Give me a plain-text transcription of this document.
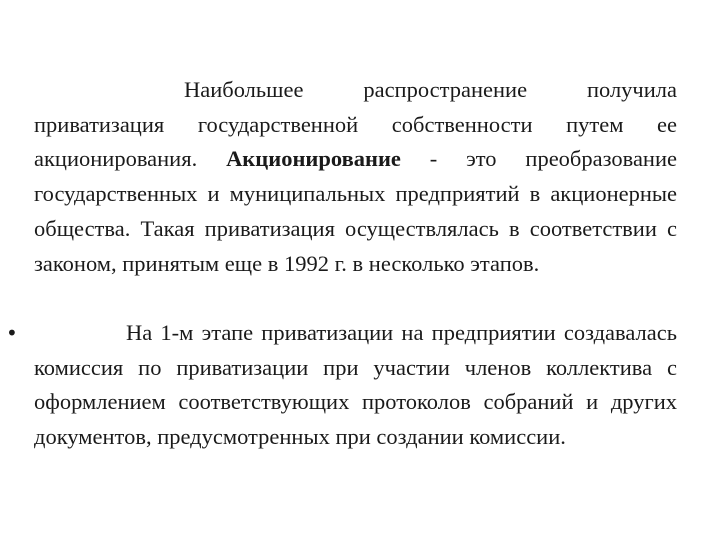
Наибольшее распространение получила приватизация государственной собственности путем ее акционирования. Акционирование - это преобразование государственных и муниципальных предприятий в акционерные общества. Такая приватизация осуществлялась в соответствии с законом, принятым еще в 1992 г. в несколько этапов.

•	На 1-м этапе приватизации на предприятии создавалась комиссия по приватизации при участии членов коллектива с оформлением соответствующих протоколов собраний и других документов, предусмотренных при создании комиссии.
